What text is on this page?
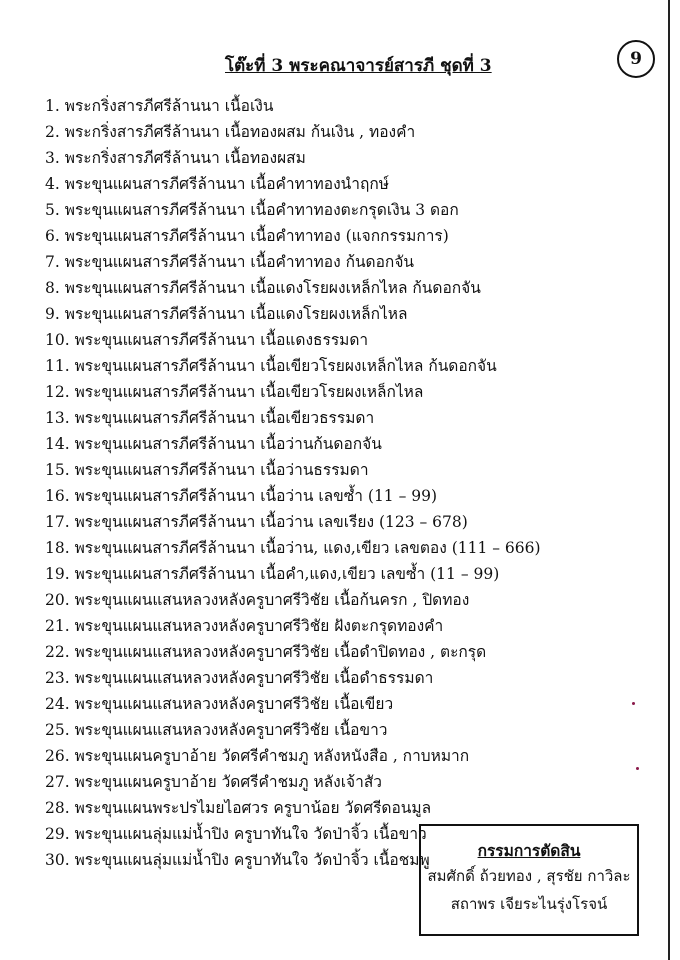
โต๊ะที่ 3 พระคณาจารย์สารภี ชุดที่ 3	9
1. พระกริ่งสารภีศรีล้านนา เนื้อเงิน
2. พระกริ่งสารภีศรีล้านนา เนื้อทองผสม ก้นเงิน , ทองคำ
3. พระกริ่งสารภีศรีล้านนา เนื้อทองผสม
4. พระขุนแผนสารภีศรีล้านนา เนื้อคำทาทองนำฤกษ์
5. พระขุนแผนสารภีศรีล้านนา เนื้อคำทาทองตะกรุดเงิน 3 ดอก
6. พระขุนแผนสารภีศรีล้านนา เนื้อคำทาทอง (แจกกรรมการ)
7. พระขุนแผนสารภีศรีล้านนา เนื้อคำทาทอง ก้นดอกจัน
8. พระขุนแผนสารภีศรีล้านนา เนื้อแดงโรยผงเหล็กไหล ก้นดอกจัน
9. พระขุนแผนสารภีศรีล้านนา เนื้อแดงโรยผงเหล็กไหล
10. พระขุนแผนสารภีศรีล้านนา เนื้อแดงธรรมดา
11. พระขุนแผนสารภีศรีล้านนา เนื้อเขียวโรยผงเหล็กไหล ก้นดอกจัน
12. พระขุนแผนสารภีศรีล้านนา เนื้อเขียวโรยผงเหล็กไหล
13. พระขุนแผนสารภีศรีล้านนา เนื้อเขียวธรรมดา
14. พระขุนแผนสารภีศรีล้านนา เนื้อว่านก้นดอกจัน
15. พระขุนแผนสารภีศรีล้านนา เนื้อว่านธรรมดา
16. พระขุนแผนสารภีศรีล้านนา เนื้อว่าน เลขซ้ำ (11 – 99)
17. พระขุนแผนสารภีศรีล้านนา เนื้อว่าน เลขเรียง (123 – 678)
18. พระขุนแผนสารภีศรีล้านนา เนื้อว่าน, แดง,เขียว เลขตอง (111 – 666)
19. พระขุนแผนสารภีศรีล้านนา เนื้อคำ,แดง,เขียว เลขซ้ำ (11 – 99)
20. พระขุนแผนแสนหลวงหลังครูบาศรีวิชัย เนื้อก้นครก , ปิดทอง
21. พระขุนแผนแสนหลวงหลังครูบาศรีวิชัย ฝังตะกรุดทองคำ
22. พระขุนแผนแสนหลวงหลังครูบาศรีวิชัย เนื้อดำปิดทอง , ตะกรุด
23. พระขุนแผนแสนหลวงหลังครูบาศรีวิชัย เนื้อดำธรรมดา
24. พระขุนแผนแสนหลวงหลังครูบาศรีวิชัย เนื้อเขียว
25. พระขุนแผนแสนหลวงหลังครูบาศรีวิชัย เนื้อขาว
26. พระขุนแผนครูบาอ้าย วัดศรีคำชมภู หลังหนังสือ , กาบหมาก
27. พระขุนแผนครูบาอ้าย วัดศรีคำชมภู หลังเจ้าสัว
28. พระขุนแผนพระปรไมยไอศวร ครูบาน้อย วัดศรีดอนมูล
29. พระขุนแผนลุ่มแม่น้ำปิง ครูบาทันใจ วัดป่าจิ้ว เนื้อขาว
30. พระขุนแผนลุ่มแม่น้ำปิง ครูบาทันใจ วัดป่าจิ้ว เนื้อชมพู	กรรมการตัดสิน
สมศักดิ์ ถ้วยทอง , สุรชัย กาวิละ
สถาพร เจียระไนรุ่งโรจน์
